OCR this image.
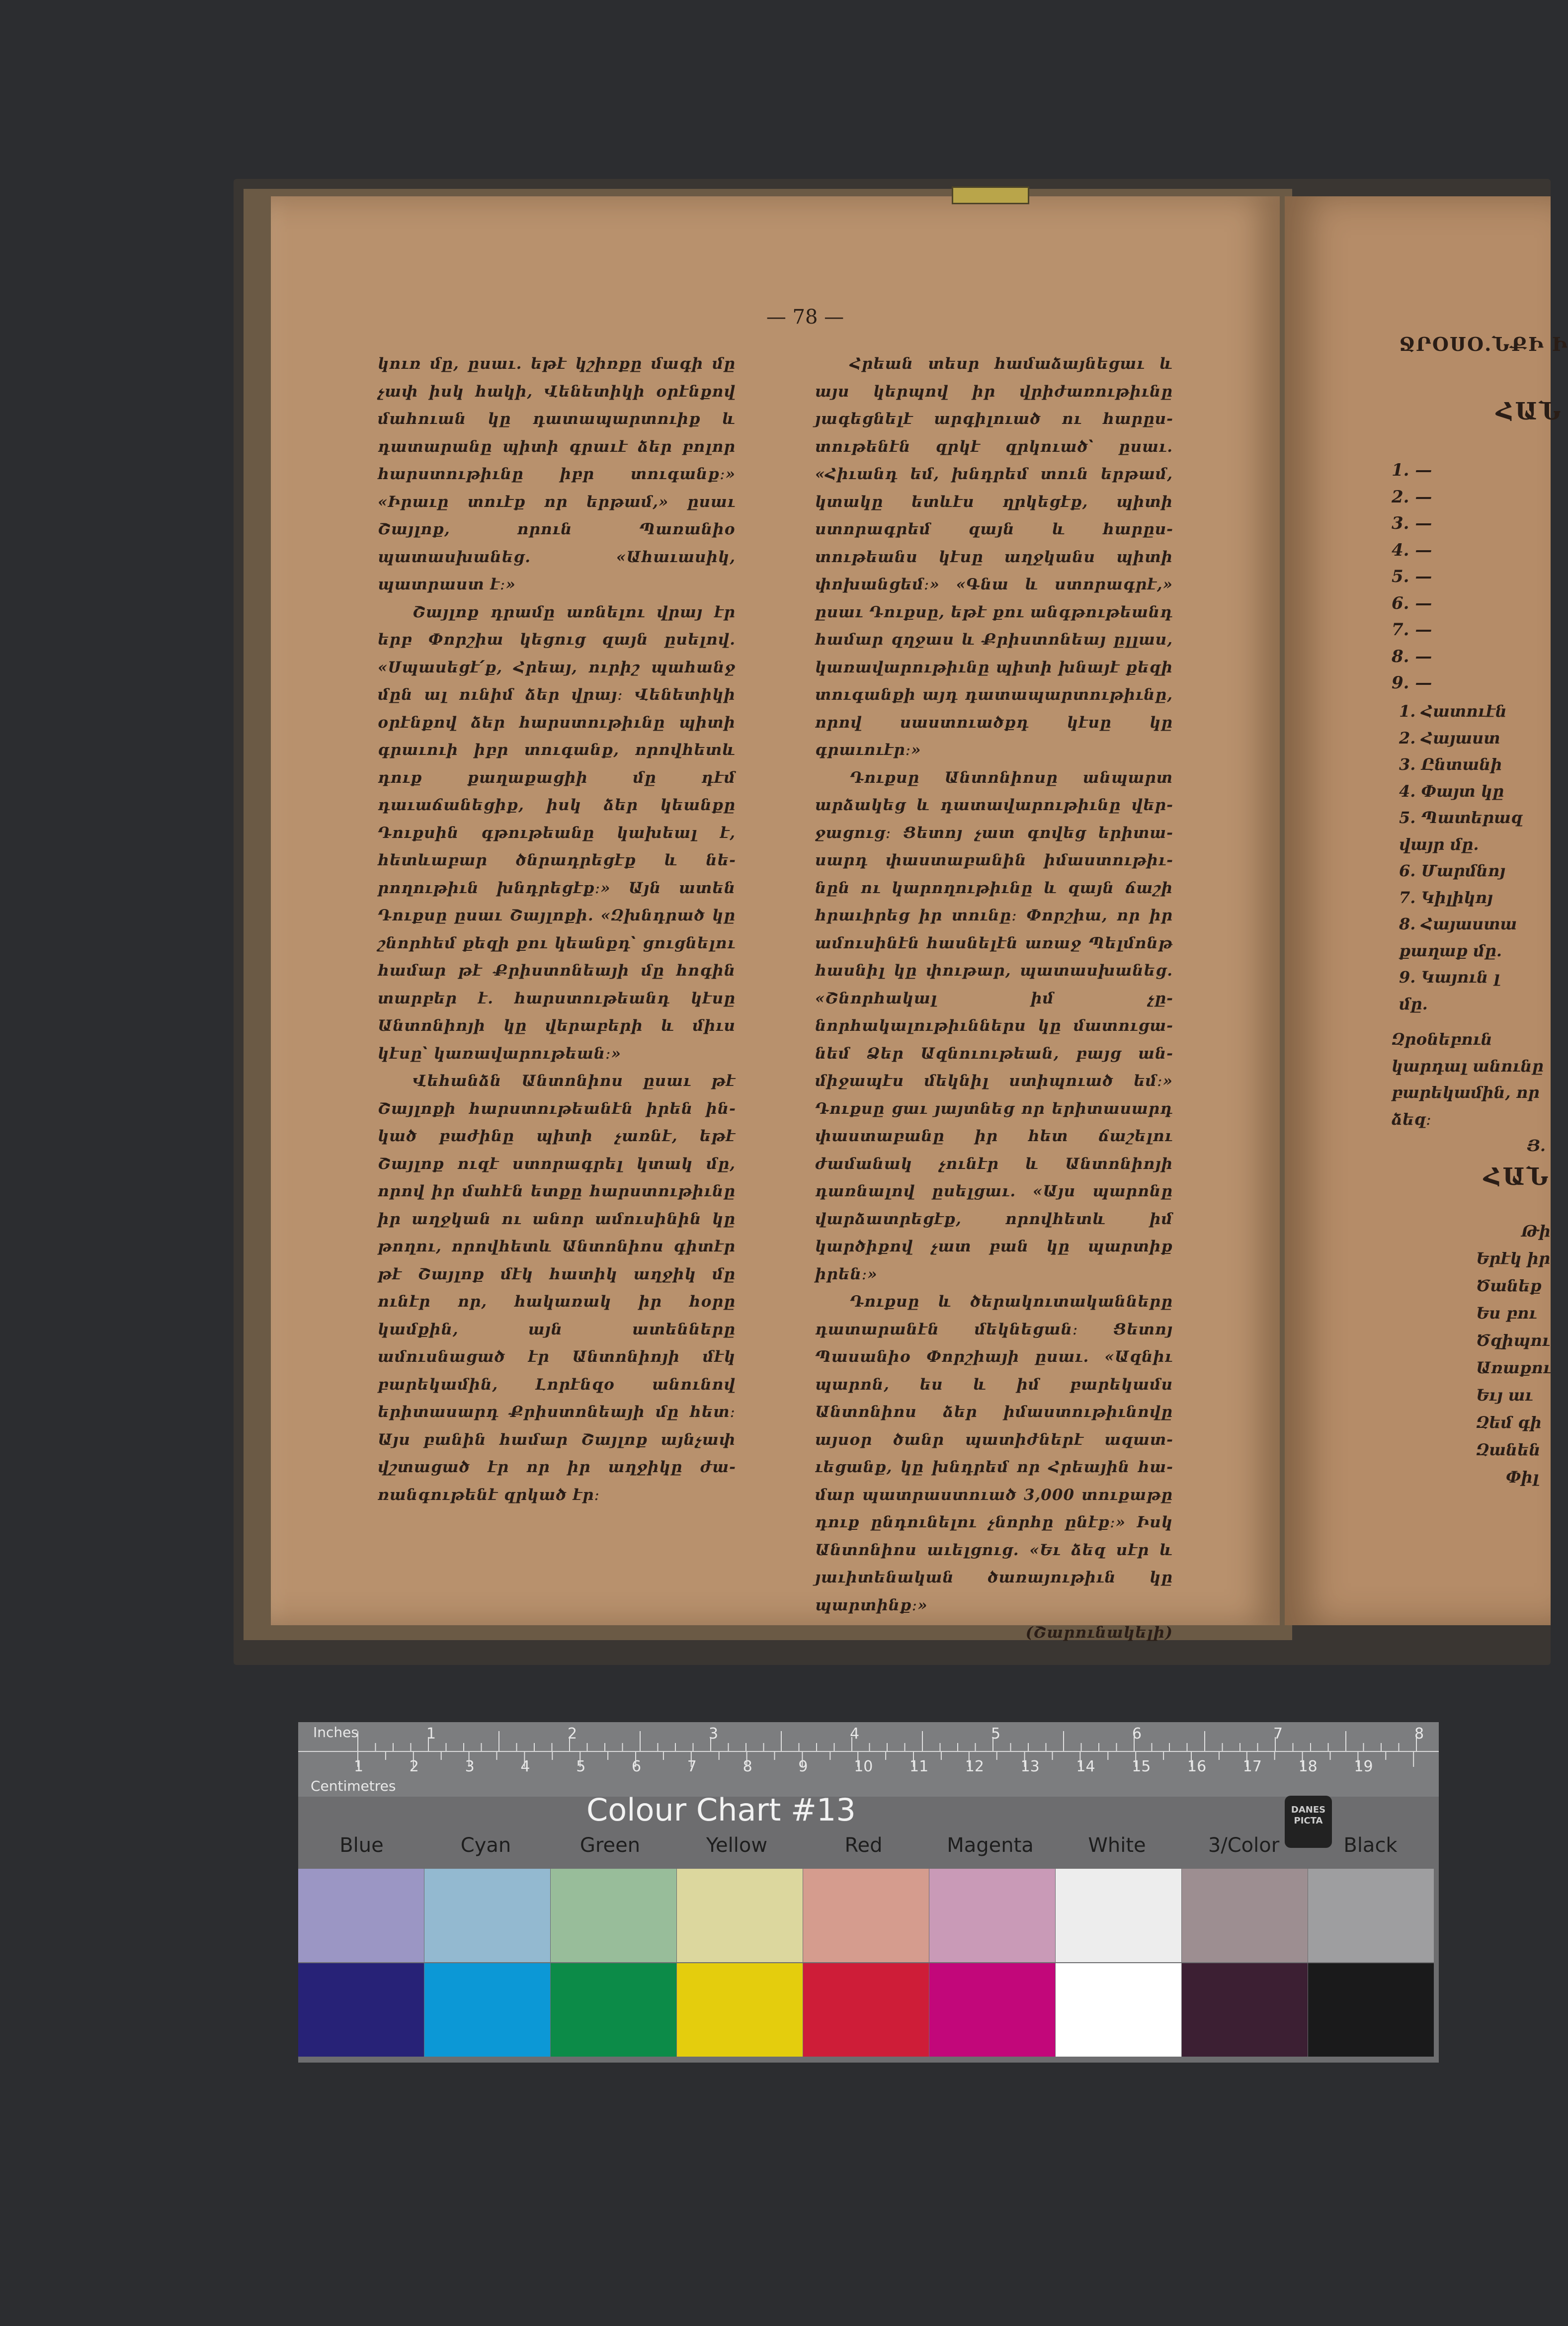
— 78 —

կուռ մը, ըսաւ. եթէ կշիռքը մագի մը չափ իսկ հակի, Վենետիկի օրէնքով մահուան կը դատապարտուիք և դատարանը պիտի գրաւէ ձեր բոլոր հարստութիւնը իբր տուգանք։» «Իրաւը տուէք որ երթամ,» ըսաւ Շայլոք, որուն Պառանիօ պատասխանեց. «Ահաւասիկ, պատրաստ է։»

Շայլոք դրամը առնելու վրայ էր երբ Փորշիա կեցուց զայն ըսելով. «Սպասեցէ՛ք, Հրեայ, ուրիշ պահանջ մըն ալ ունիմ ձեր վրայ։ Վենետիկի օրէնքով ձեր հարստութիւնը պիտի գրաւուի իբր տուգանք, որովհետև դուք քաղաքացիի մը դէմ դաւաճանեցիք, իսկ ձեր կեանքը Դուքսին գթութեանը կախեալ է, հետևաբար ծնրադրեցէք և ներողութիւն խնդրեցէք։» Այն ատեն Դուքսը ըսաւ Շայլոքի. «Զխնդրած կը շնորհեմ քեզի քու կեանքդ՝ ցուցնելու համար թէ Քրիստոնեայի մը հոգին տարբեր է. հարստութեանդ կէսը Անտոնիոյի կը վերաբերի և միւս կէսը՝ կառավարութեան։»

Վեհանձն Անտոնիոս ըսաւ թէ Շայլոքի հարստութեանէն իրեն ինկած բաժինը պիտի չառնէ, եթէ Շայլոք ուզէ ստորագրել կտակ մը, որով իր մահէն ետքը հարստութիւնը իր աղջկան ու անոր ամուսինին կը թողու, որովհետև Անտոնիոս գիտէր թէ Շայլոք մէկ հատիկ աղջիկ մը ունէր որ, հակառակ իր հօրը կամքին, այն ատենները ամուսնացած էր Անտոնիոյի մէկ բարեկամին, Լորէնզօ անունով երիտասարդ Քրիստոնեայի մը հետ։ Այս բանին համար Շայլոք այնչափ վշտացած էր որ իր աղջիկը ժառանգութենէ զրկած էր։

Հրեան տեսր համաձայնեցաւ և այս կերպով իր վրիժառութիւնը յագեցնելէ արգիլուած ու հարըստութենէն զրկէ զրկուած՝ ըսաւ. «Հիւանդ եմ, խնդրեմ տուն երթամ, կտակը ետևէս ղրկեցէք, պիտի ստորագրեմ զայն և հարըստութեանս կէսը աղջկանս պիտի փոխանցեմ։» «Գնա և ստորագրէ,» ըսաւ Դուքսը, եթէ քու անգթութեանդ համար զղջաս և Քրիստոնեայ ըլլաս, կառավարութիւնը պիտի խնայէ քեզի տուգանքի այդ դատապարտութիւնը, որով սաստուածքդ կէսը կը գրաւուէր։»

Դուքսը Անտոնիոսը անպարտ արձակեց և դատավարութիւնը վերջացուց։ Ցետոյ չատ գովեց երիտասարդ փաստաբանին իմաստութիւնըն ու կարողութիւնը և զայն ճաշի հրաւիրեց իր տունը։ Փորշիա, որ իր ամուսինէն հասնելէն առաջ Պելմոնթ հասնիլ կը փութար, պատասխանեց. «Շնորհակալ իմ չընորհակալութիւններս կը մատուցանեմ Ձեր Ազնուութեան, բայց անմիջապէս մեկնիլ ստիպուած եմ։» Դուքսը ցաւ յայտնեց որ երիտասարդ փաստաբանը իր հետ ճաշելու ժամանակ չունէր և Անտոնիոյի դառնալով ըսելցաւ. «Այս պարոնը վարձատրեցէք, որովհետև իմ կարծիքով չատ բան կը պարտիք իրեն։»

Դուքսը և ծերակուտականները դատարանէն մեկնեցան։ Ցետոյ Պասանիօ Փորշիայի ըսաւ. «Ազնիւ պարոն, ես և իմ բարեկամս Անտոնիոս ձեր իմաստութիւնովը այսօր ծանր պատիժներէ ազատւեցանք, կը խնդրեմ որ Հրեային համար պատրաստուած 3,000 տուքաթը դուք ընդունելու չնորհը ընէք։» Իսկ Անտոնիոս աւելցուց. «Եւ ձեզ սէր և յաւիտենական ծառայութիւն կը պարտինք։»

(Շարունակելի)

ՋՐՕՍՕ.ՆՔԻ Ի
ՀԱՆ
1. —
2. —
3. —
4. —
5. —
6. —
7. —
8. —
9. —
1. Հատուէն
2. Հայաստ
3. Ընտանի
4. Փայտ կը
5. Պատերազ
վայր մը.
6. Մարմնոյ
7. Կիլիկոյ
8. Հայաստա
քաղաք մը.
9. Կայուն լ
մը.

Զրօնեբուն

կարդալ անունը

բարեկամին, որ

ձեզ։

Յ.

ՀԱՆ

Թի

Երէկ իր

Ծանեք

Ես բու

Ծզիպու

Առաքու

Եւյ աւ

Զեմ գի

Զանեն

Փիլ

Inches	1	2	3	4	5	6	7	8
Centimetres
1	2	3	4	5	6	7	8	9	10 11 12 13 14 15 16 17 18 19
Colour Chart #13	DANES PICTA
Blue	Cyan	Green	Yellow	Red	Magenta	White	3/Color	Black
